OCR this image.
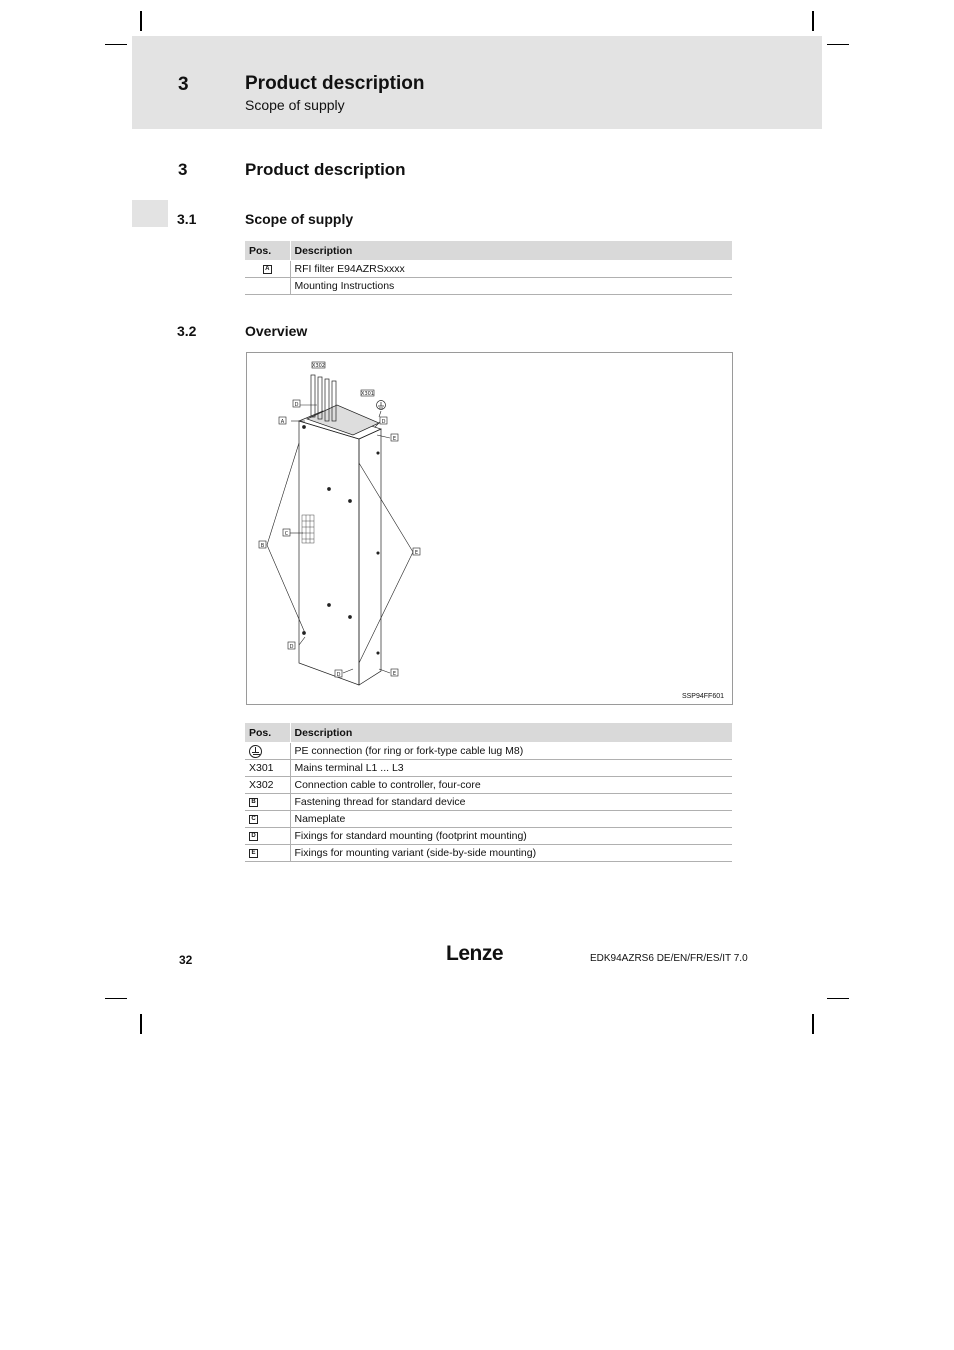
3	Product description
Scope of supply
3	Product description
3.1	Scope of supply
Pos.	Description
A	RFI filter E94AZRSxxxx
	Mounting Instructions
3.2	Overview
X302
X301
A
D
B
C
D
D	E
E
E
D
SSP94FF601
Pos.	Description
	PE connection (for ring or fork-type cable lug M8)
X301	Mains terminal L1 ... L3
X302	Connection cable to controller, four-core
B	Fastening thread for standard device
C	Nameplate
D	Fixings for standard mounting (footprint mounting)
E	Fixings for mounting variant (side-by-side mounting)
32	Lenze	EDK94AZRS6 DE/EN/FR/ES/IT 7.0
